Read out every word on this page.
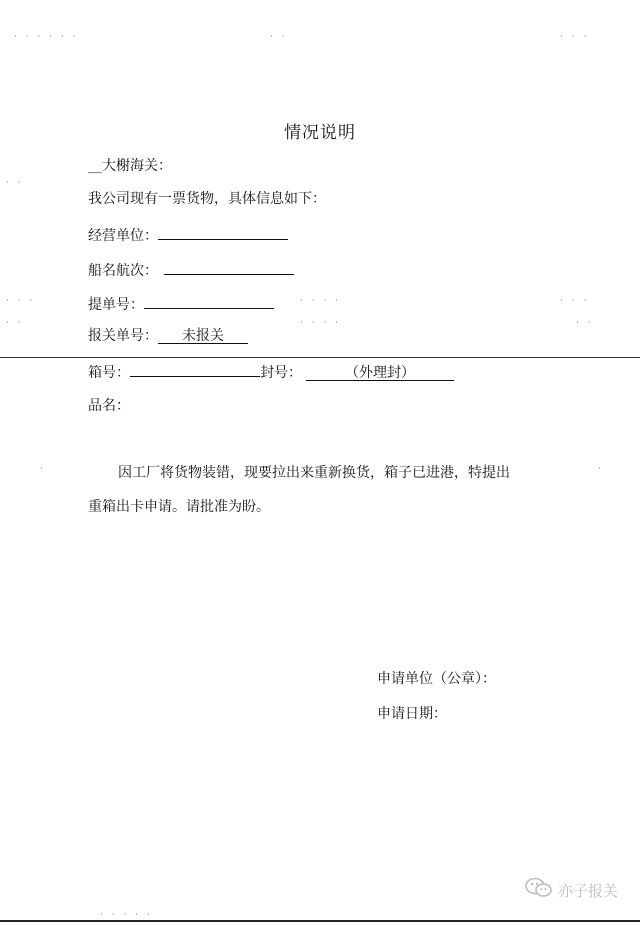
· · · · · ·	· ·	· · ·
· ·
· · ·	· · · ·	· · ·
· ·	· · · ·	· ·
·	·
· · · · ·
情况说明
__大榭海关：
我公司现有一票货物，具体信息如下：
经营单位：
船名航次：
提单号：
报关单号： 未报关
箱号：	封号：	（外理封）
品名：
因工厂将货物装错，现要拉出来重新换货，箱子已进港，特提出
重箱出卡申请。请批准为盼。
申请单位（公章）：
申请日期：
亦子报关
